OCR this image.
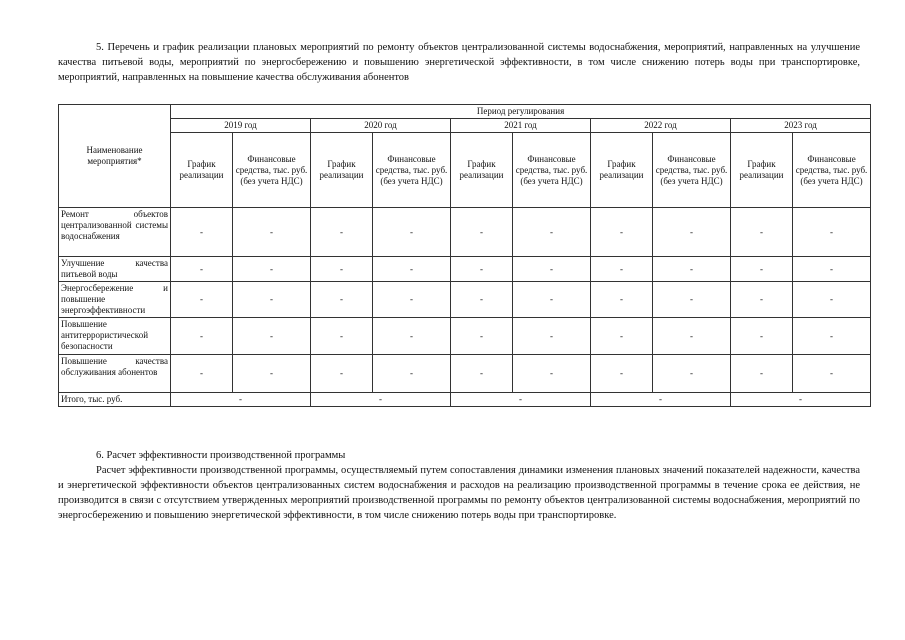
5. Перечень и график реализации плановых мероприятий по ремонту объектов централизованной системы водоснабжения, мероприятий, направленных на улучшение качества питьевой воды, мероприятий по энергосбережению и повышению энергетической эффективности, в том числе снижению потерь воды при транспортировке, мероприятий, направленных на повышение качества обслуживания абонентов

Наименование мероприятия*	Период регулирования									
	2019 год		2020 год		2021 год		2022 год		2023 год	
	График реализации	Финансовые средства, тыс. руб. (без учета НДС)	График реализации	Финансовые средства, тыс. руб. (без учета НДС)	График реализации	Финансовые средства, тыс. руб. (без учета НДС)	График реализации	Финансовые средства, тыс. руб. (без учета НДС)	График реализации	Финансовые средства, тыс. руб. (без учета НДС)
Ремонт объектов централизованной системы водоснабжения	-	-	-	-	-	-	-	-	-	-
Улучшение качества питьевой воды	-	-	-	-	-	-	-	-	-	-
Энергосбережение и повышение энергоэффективности	-	-	-	-	-	-	-	-	-	-
Повышение антитеррористической безопасности	-	-	-	-	-	-	-	-	-	-
Повышение качества обслуживания абонентов	-	-	-	-	-	-	-	-	-	-
Итого, тыс. руб.	-		-		-		-		-	

6. Расчет эффективности производственной программы

Расчет эффективности производственной программы, осуществляемый путем сопоставления динамики изменения плановых значений показателей надежности, качества и энергетической эффективности объектов централизованных систем водоснабжения и расходов на реализацию производственной программы в течение срока ее действия, не производится в связи с отсутствием утвержденных мероприятий производственной программы по ремонту объектов централизованной системы водоснабжения, мероприятий по энергосбережению и повышению энергетической эффективности, в том числе снижению потерь воды при транспортировке.
